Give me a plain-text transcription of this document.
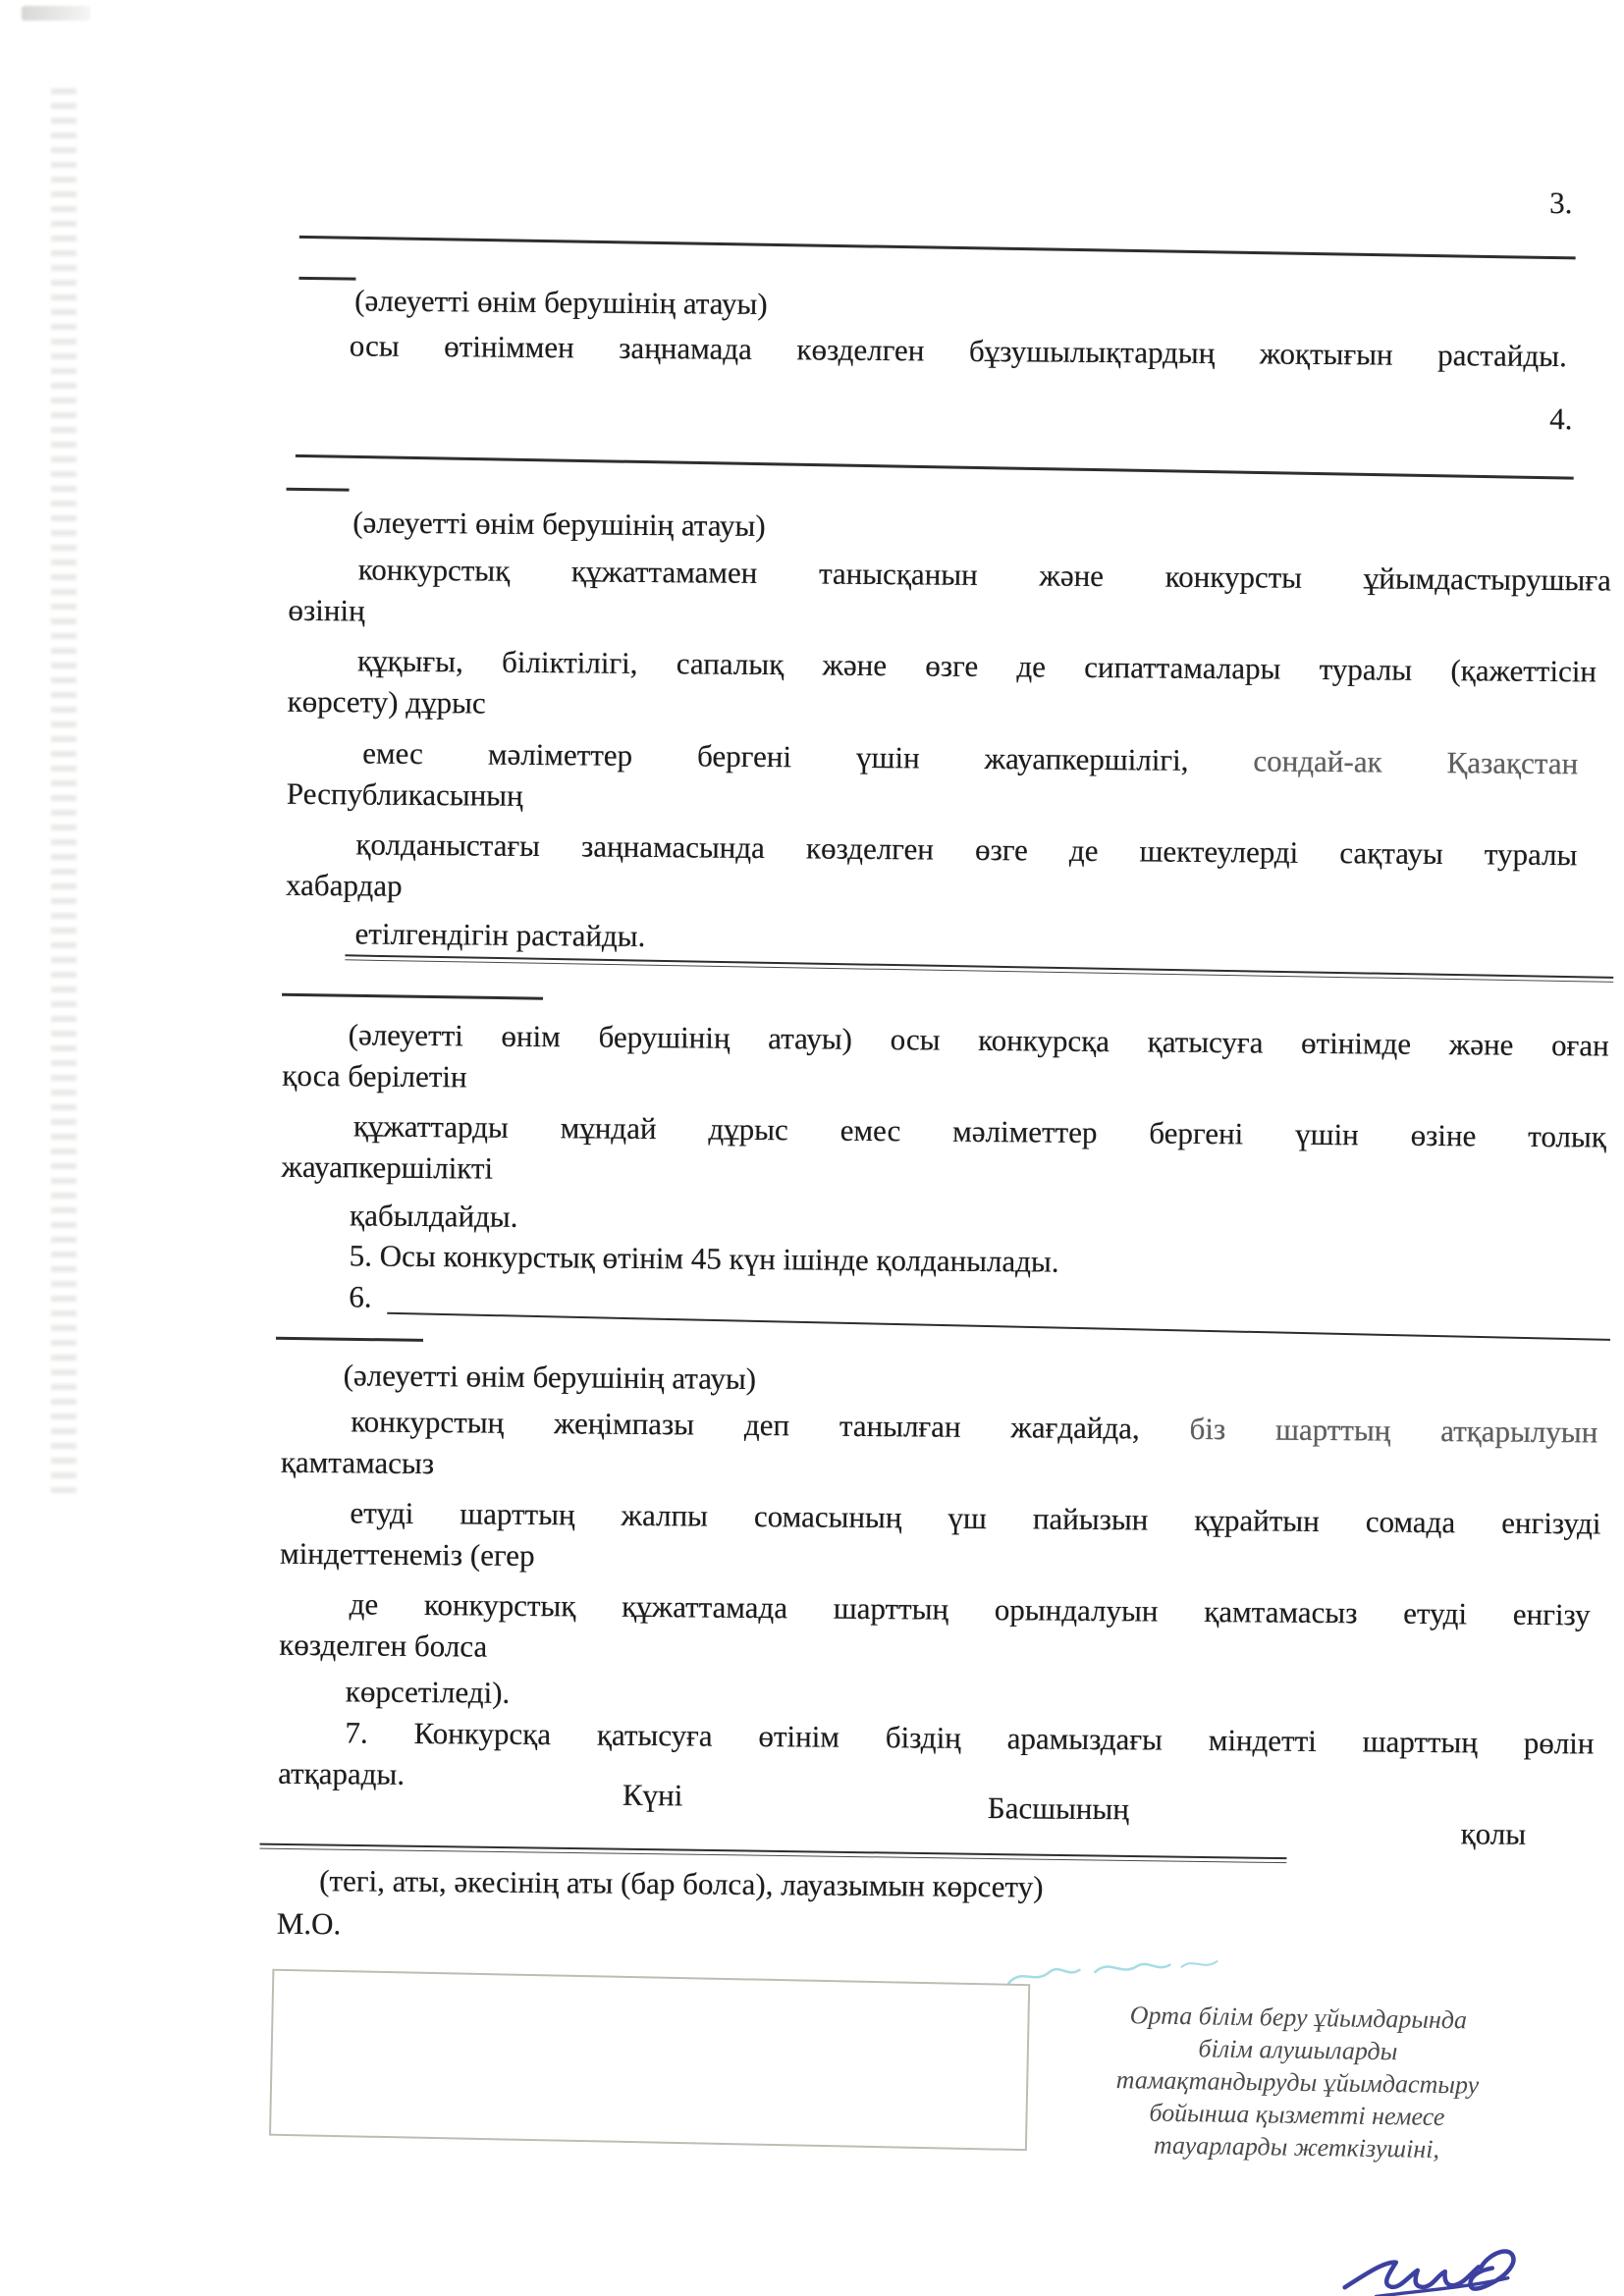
3.
(әлеуетті өнім берушінің атауы)
осы өтініммен заңнамада көзделген бұзушылықтардың жоқтығын растайды.
4.
(әлеуетті өнім берушінің атауы)
конкурстық құжаттамамен танысқанын және конкурсты ұйымдастырушыға
өзінің
құқығы, біліктілігі, сапалық және өзге де сипаттамалары туралы (қажеттісін
көрсету) дұрыс
емес мәліметтер бергені үшін жауапкершілігі, сондай-ак Қазақстан
Республикасының
қолданыстағы заңнамасында көзделген өзге де шектеулерді сақтауы туралы
хабардар
етілгендігін растайды.
(әлеуетті өнім берушінің атауы) осы конкурсқа қатысуға өтінімде және оған
қоса берілетін
құжаттарды мұндай дұрыс емес мәліметтер бергені үшін өзіне толық
жауапкершілікті
қабылдайды.
5. Осы конкурстық өтінім 45 күн ішінде қолданылады.
6.
(әлеуетті өнім берушінің атауы)
конкурстың жеңімпазы деп танылған жағдайда, біз шарттың атқарылуын
қамтамасыз
етуді шарттың жалпы сомасының үш пайызын құрайтын сомада енгізуді
міндеттенеміз (егер
де конкурстық құжаттамада шарттың орындалуын қамтамасыз етуді енгізу
көзделген болса
көрсетіледі).
7. Конкурсқа қатысуға өтінім біздің арамыздағы міндетті шарттың рөлін
атқарады.
Күні	Басшының
қолы
(тегі, аты, әкесінің аты (бар болса), лауазымын көрсету)
М.О.
Орта білім беру ұйымдарында
білім алушыларды
тамақтандыруды ұйымдастыру
бойынша қызметті немесе
тауарларды жеткізушіні,
